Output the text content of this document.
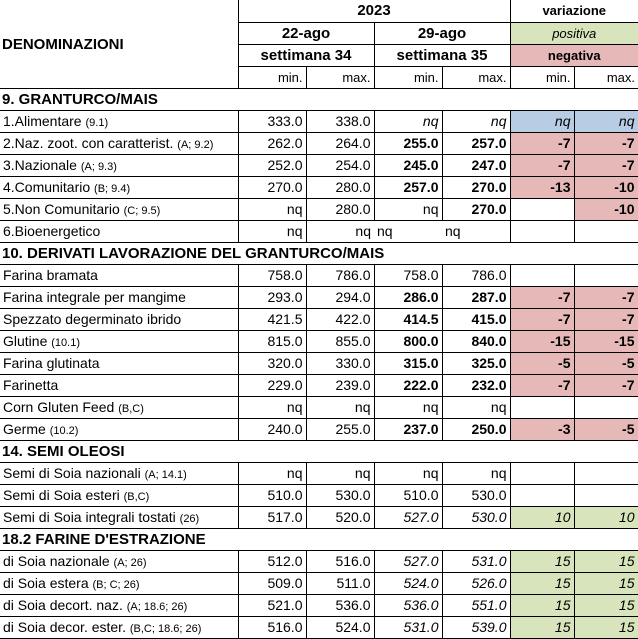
	2023				variazione	
DENOMINAZIONI	22-ago		29-ago		positiva	
	settimana 34		settimana 35		negativa	
	min.	max.	min.	max.	min.	max.
9. GRANTURCO/MAIS						
1.Alimentare (9.1)	333.0	338.0	nq	nq	nq	nq
2.Naz. zoot. con caratterist. (A; 9.2)	262.0	264.0	255.0	257.0	-7	-7
3.Nazionale (A; 9.3)	252.0	254.0	245.0	247.0	-7	-7
4.Comunitario (B; 9.4)	270.0	280.0	257.0	270.0	-13	-10
5.Non Comunitario (C; 9.5)	nq	280.0	nq	270.0		-10
6.Bioenergetico	nq	nq	nq	nq		
10. DERIVATI LAVORAZIONE DEL GRANTURCO/MAIS						
Farina bramata	758.0	786.0	758.0	786.0		
Farina integrale per mangime	293.0	294.0	286.0	287.0	-7	-7
Spezzato degerminato ibrido	421.5	422.0	414.5	415.0	-7	-7
Glutine (10.1)	815.0	855.0	800.0	840.0	-15	-15
Farina glutinata	320.0	330.0	315.0	325.0	-5	-5
Farinetta	229.0	239.0	222.0	232.0	-7	-7
Corn Gluten Feed (B,C)	nq	nq	nq	nq		
Germe (10.2)	240.0	255.0	237.0	250.0	-3	-5
14. SEMI OLEOSI						
Semi di Soia nazionali (A; 14.1)	nq	nq	nq	nq		
Semi di Soia esteri (B,C)	510.0	530.0	510.0	530.0		
Semi di Soia integrali tostati (26)	517.0	520.0	527.0	530.0	10	10
18.2 FARINE D'ESTRAZIONE						
di Soia nazionale (A; 26)	512.0	516.0	527.0	531.0	15	15
di Soia estera (B; C; 26)	509.0	511.0	524.0	526.0	15	15
di Soia decort. naz. (A; 18.6; 26)	521.0	536.0	536.0	551.0	15	15
di Soia decor. ester. (B,C; 18.6; 26)	516.0	524.0	531.0	539.0	15	15
